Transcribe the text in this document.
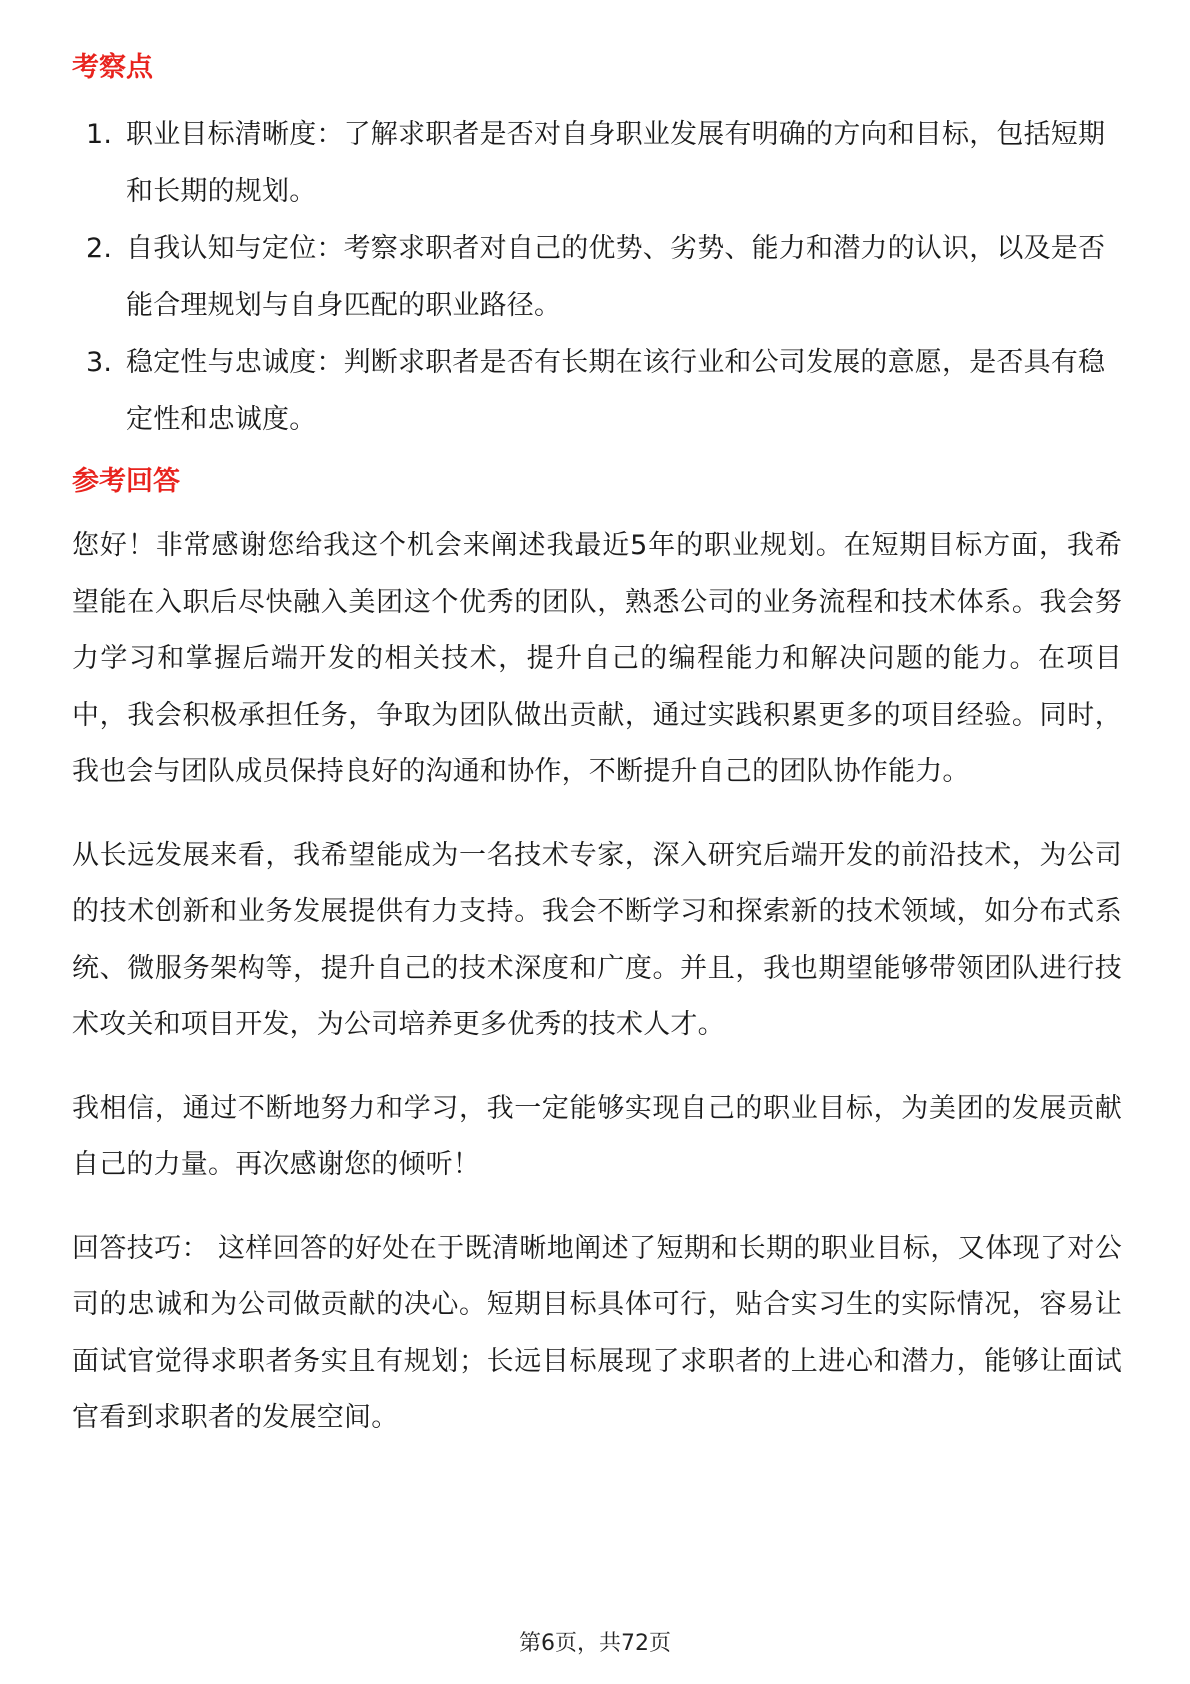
考察点
1. 职业目标清晰度：了解求职者是否对自身职业发展有明确的方向和目标，包括短期和长期的规划。
2. 自我认知与定位：考察求职者对自己的优势、劣势、能力和潜力的认识，以及是否能合理规划与自身匹配的职业路径。
3. 稳定性与忠诚度：判断求职者是否有长期在该行业和公司发展的意愿，是否具有稳定性和忠诚度。
参考回答

您好！非常感谢您给我这个机会来阐述我最近5年的职业规划。在短期目标方面，我希望能在入职后尽快融入美团这个优秀的团队，熟悉公司的业务流程和技术体系。我会努力学习和掌握后端开发的相关技术，提升自己的编程能力和解决问题的能力。在项目中，我会积极承担任务，争取为团队做出贡献，通过实践积累更多的项目经验。同时，我也会与团队成员保持良好的沟通和协作，不断提升自己的团队协作能力。

从长远发展来看，我希望能成为一名技术专家，深入研究后端开发的前沿技术，为公司的技术创新和业务发展提供有力支持。我会不断学习和探索新的技术领域，如分布式系统、微服务架构等，提升自己的技术深度和广度。并且，我也期望能够带领团队进行技术攻关和项目开发，为公司培养更多优秀的技术人才。

我相信，通过不断地努力和学习，我一定能够实现自己的职业目标，为美团的发展贡献自己的力量。再次感谢您的倾听！

回答技巧： 这样回答的好处在于既清晰地阐述了短期和长期的职业目标，又体现了对公司的忠诚和为公司做贡献的决心。短期目标具体可行，贴合实习生的实际情况，容易让面试官觉得求职者务实且有规划；长远目标展现了求职者的上进心和潜力，能够让面试官看到求职者的发展空间。

第6页，共72页
